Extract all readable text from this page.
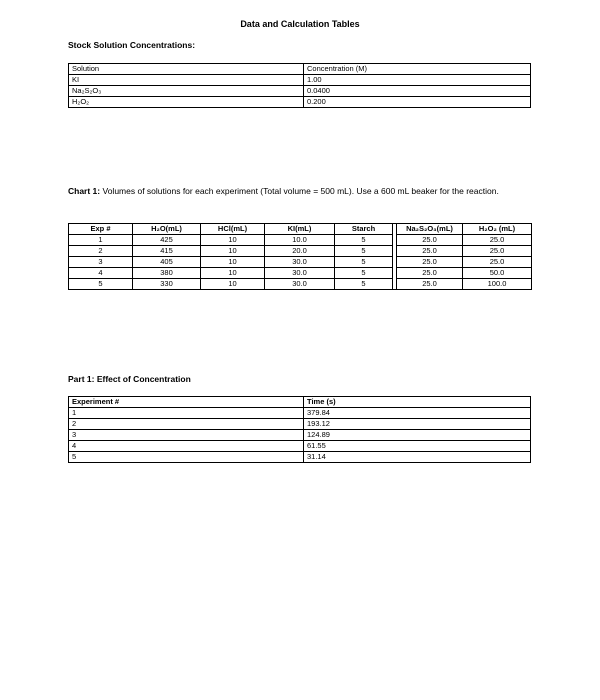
Data and Calculation Tables
Stock Solution Concentrations:
Solution	Concentration (M)
KI	1.00
Na₂S₂O₃	0.0400
H₂O₂	0.200
Chart 1: Volumes of solutions for each experiment (Total volume = 500 mL). Use a 600 mL beaker for the reaction.
Exp #	H₂O(mL)	HCl(mL)	KI(mL)	Starch		Na₂S₂O₃(mL)	H₂O₂ (mL)
1	425	10	10.0	5		25.0	25.0
2	415	10	20.0	5		25.0	25.0
3	405	10	30.0	5		25.0	25.0
4	380	10	30.0	5		25.0	50.0
5	330	10	30.0	5		25.0	100.0
Part 1: Effect of Concentration
Experiment #	Time (s)
1	379.84
2	193.12
3	124.89
4	61.55
5	31.14
